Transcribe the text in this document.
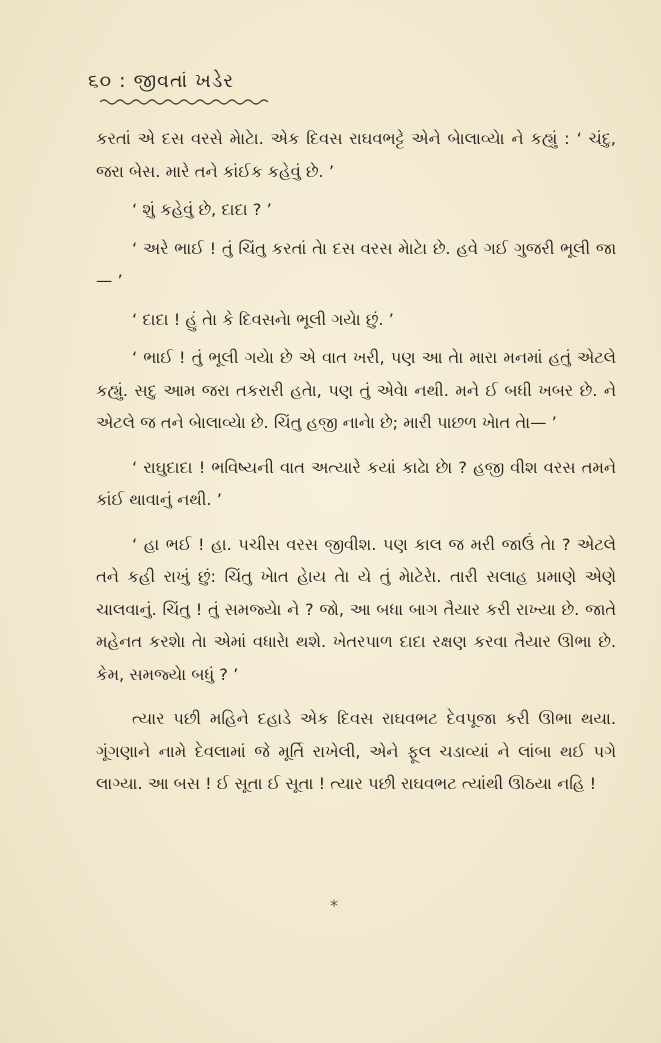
૬૦ : જીવતાં ખડેર

કરતાં એ દસ વરસે મેાટેા. એક દિવસ રાઘવભટ્ટે એને બેાલાવ્યેા ને કહ્યું : ‘ ચંદુ, જરા બેસ. મારે તને કાંઈક કહેવું છે. ’

‘ શું કહેવું છે, દાદા ? ’

‘ અરે ભાઈ ! તું ચિંતુ કરતાં તેા દસ વરસ મેાટેા છે. હવે ગઈ ગુજરી ભૂલી જા— ’

‘ દાદા ! હું તેા કે દિવસનેા ભૂલી ગયેા છું. ’

‘ ભાઈ ! તું ભૂલી ગયેા છે એ વાત ખરી, પણ આ તેા મારા મનમાં હતું એટલે કહ્યું. સદુ આમ જરા તકરારી હતેા, પણ તું એવેા નથી. મને ઈ બધી ખબર છે. ને એટલે જ તને બેાલાવ્યેા છે. ચિંતુ હજી નાનેા છે; મારી પાછળ ખેાત તેા— ’

‘ રાઘુદાદા ! ભવિષ્યની વાત અત્યારે કયાં કાઢેા છેા ? હજી વીશ વરસ તમને કાંઈ થાવાનું નથી. ’

‘ હા ભઈ ! હા. પચીસ વરસ જીવીશ. પણ કાલ જ મરી જાઉં તેા ? એટલે તને કહી રાખું છું: ચિંતુ ખેાત હેાય તેા યે તું મેાટેરેા. તારી સલાહ પ્રમાણે એણે ચાલવાનું. ચિંતુ ! તું સમજ્યેા ને ? જો, આ બધા બાગ તૈયાર કરી રાખ્યા છે. જાતે મહેનત કરશેા તેા એમાં વધારેા થશે. ખેતરપાળ દાદા રક્ષણ કરવા તૈયાર ઊભા છે. કેમ, સમજ્યેા બધું ? ’

ત્યાર પછી મહિને દહાડે એક દિવસ રાઘવભટ દેવપૂજા કરી ઊભા થયા. ગૂંગણાને નામે દેવલામાં જે મૂર્તિ રાખેલી, એને ફૂલ ચડાવ્યાં ને લાંબા થઈ પગે લાગ્યા. આ બસ ! ઈ સૂતા ઈ સૂતા ! ત્યાર પછી રાઘવભટ ત્યાંથી ઊઠયા નહિ !

*
